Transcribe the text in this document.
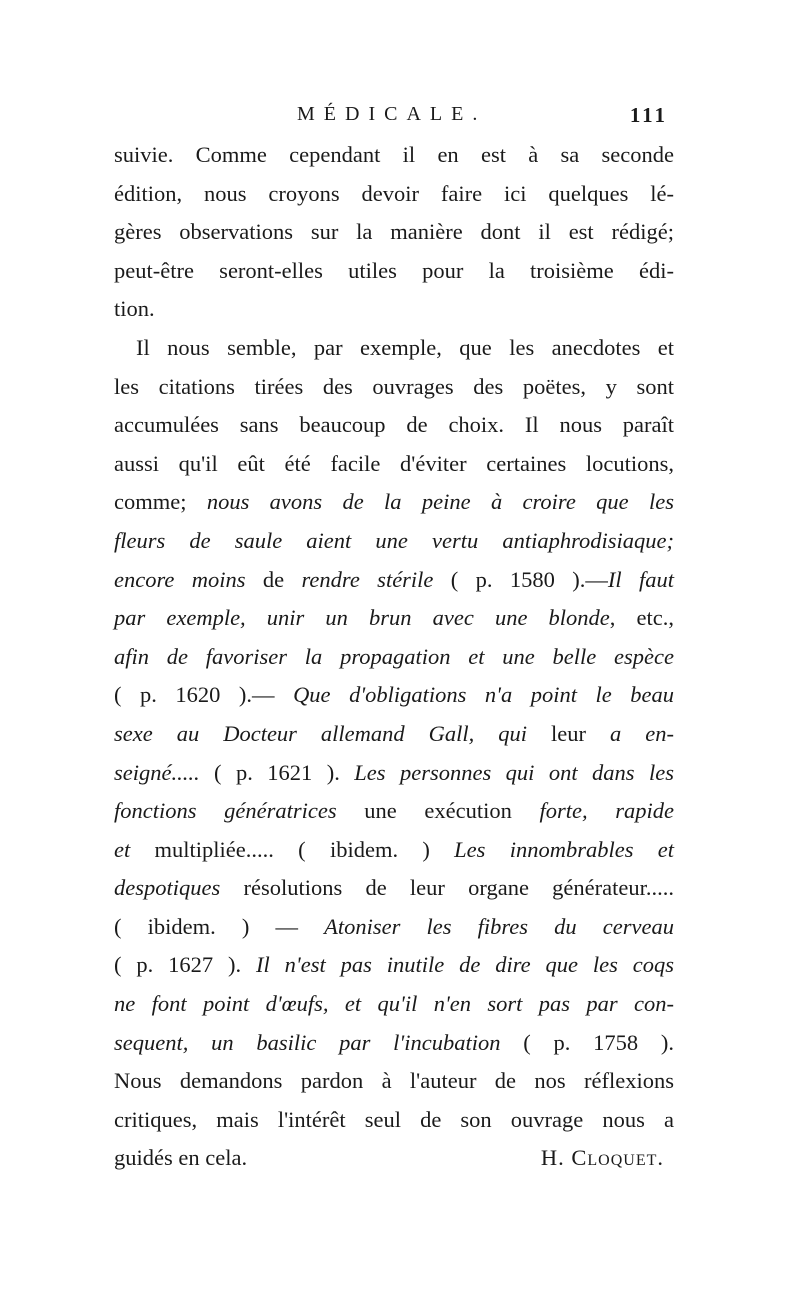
MÉDICALE.	111
suivie. Comme cependant il en est à sa seconde
édition, nous croyons devoir faire ici quelques lé-
gères observations sur la manière dont il est rédigé;
peut-être seront-elles utiles pour la troisième édi-
tion.
Il nous semble, par exemple, que les anecdotes et
les citations tirées des ouvrages des poëtes, y sont
accumulées sans beaucoup de choix. Il nous paraît
aussi qu'il eût été facile d'éviter certaines locutions,
comme; nous avons de la peine à croire que les
fleurs de saule aient une vertu antiaphrodisiaque;
encore moins de rendre stérile ( p. 1580 ).—Il faut
par exemple, unir un brun avec une blonde, etc.,
afin de favoriser la propagation et une belle espèce
( p. 1620 ).— Que d'obligations n'a point le beau
sexe au Docteur allemand Gall, qui leur a en-
seigné..... ( p. 1621 ). Les personnes qui ont dans les
fonctions génératrices une exécution forte, rapide
et multipliée..... ( ibidem. ) Les innombrables et
despotiques résolutions de leur organe générateur.....
( ibidem. ) — Atoniser les fibres du cerveau
( p. 1627 ). Il n'est pas inutile de dire que les coqs
ne font point d'œufs, et qu'il n'en sort pas par con-
sequent, un basilic par l'incubation ( p. 1758 ).
Nous demandons pardon à l'auteur de nos réflexions
critiques, mais l'intérêt seul de son ouvrage nous a
guidés en cela.	H. Cloquet.
